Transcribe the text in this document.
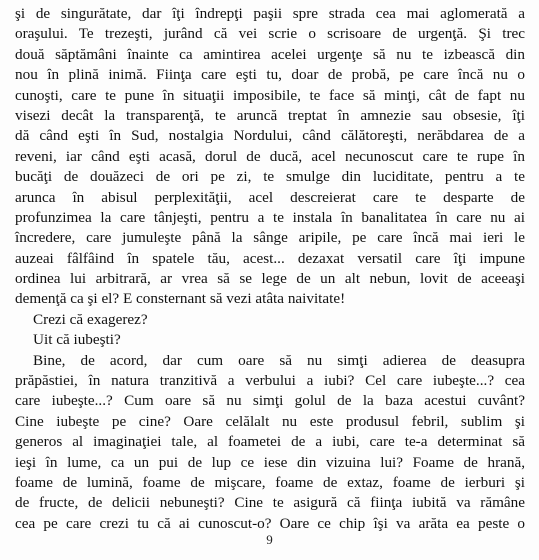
şi de singurătate, dar îţi îndrepţi paşii spre strada cea mai aglomerată a
oraşului. Te trezeşti, jurând că vei scrie o scrisoare de urgenţă. Şi trec
două săptămâni înainte ca amintirea acelei urgenţe să nu te izbească din
nou în plină inimă. Fiinţa care eşti tu, doar de probă, pe care încă nu o
cunoşti, care te pune în situaţii imposibile, te face să minţi, cât de fapt nu
visezi decât la transparenţă, te aruncă treptat în amnezie sau obsesie, îţi
dă când eşti în Sud, nostalgia Nordului, când călătoreşti, nerăbdarea de a
reveni, iar când eşti acasă, dorul de ducă, acel necunoscut care te rupe în
bucăţi de douăzeci de ori pe zi, te smulge din luciditate, pentru a te
arunca în abisul perplexităţii, acel descreierat care te desparte de
profunzimea la care tânjeşti, pentru a te instala în banalitatea în care nu ai
încredere, care jumuleşte până la sânge aripile, pe care încă mai ieri le
auzeai fâlfâind în spatele tău, acest... dezaxat versatil care îţi impune
ordinea lui arbitrară, ar vrea să se lege de un alt nebun, lovit de aceeaşi
demenţă ca şi el? E consternant să vezi atâta naivitate!
Crezi că exagerez?
Uit că iubeşti?
Bine, de acord, dar cum oare să nu simţi adierea de deasupra
prăpăstiei, în natura tranzitivă a verbului a iubi? Cel care iubeşte...? cea
care iubeşte...? Cum oare să nu simţi golul de la baza acestui cuvânt?
Cine iubeşte pe cine? Oare celălalt nu este produsul febril, sublim şi
generos al imaginaţiei tale, al foametei de a iubi, care te-a determinat să
ieşi în lume, ca un pui de lup ce iese din vizuina lui? Foame de hrană,
foame de lumină, foame de mişcare, foame de extaz, foame de ierburi şi
de fructe, de delicii nebuneşti? Cine te asigură că fiinţa iubită va rămâne
cea pe care crezi tu că ai cunoscut-o? Oare ce chip îşi va arăta ea peste o
9
